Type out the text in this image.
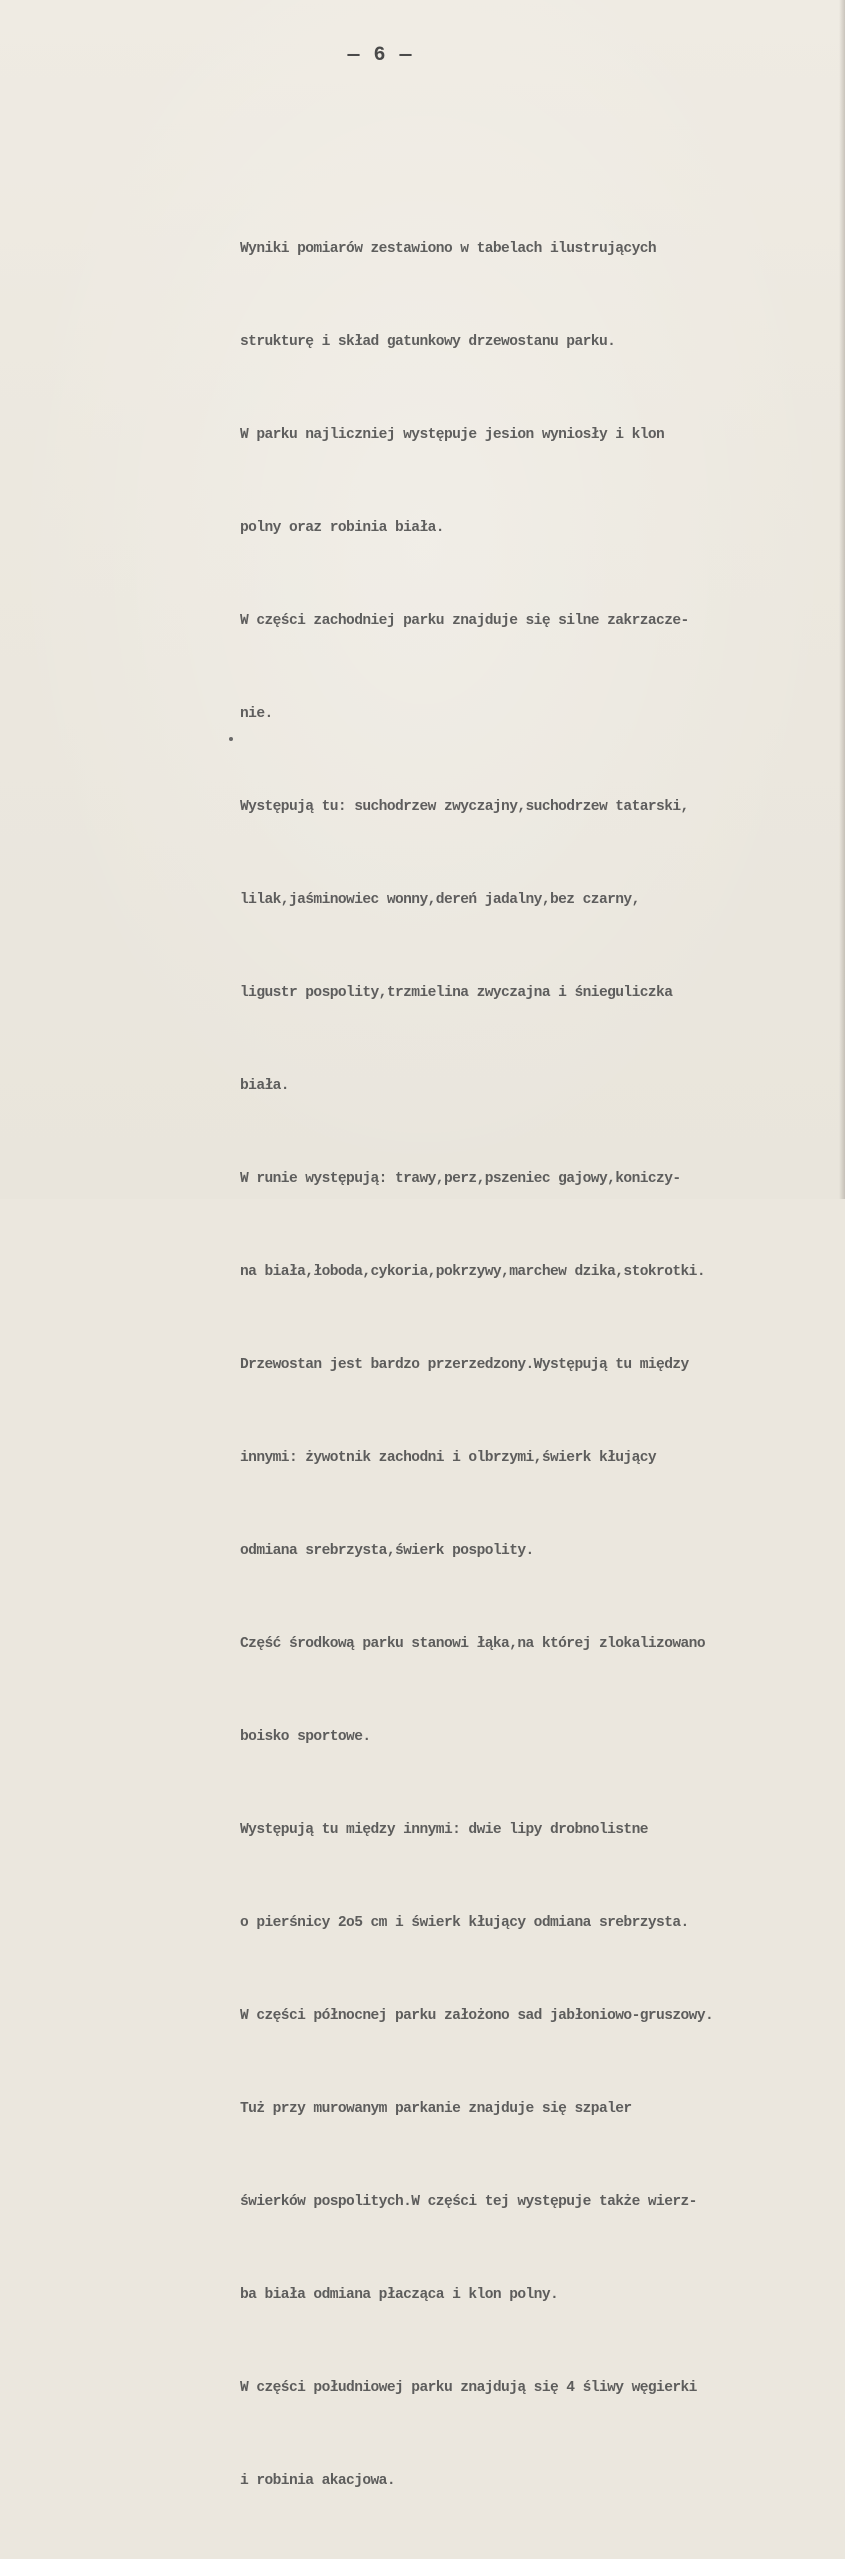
— 6 —

Wyniki pomiarów zestawiono w tabelach ilustrujących

strukturę i skład gatunkowy drzewostanu parku.

W parku najliczniej występuje jesion wyniosły i klon

polny oraz robinia biała.

W części zachodniej parku znajduje się silne zakrzacze-

nie.

Występują tu: suchodrzew zwyczajny,suchodrzew tatarski,

lilak,jaśminowiec wonny,dereń jadalny,bez czarny,

ligustr pospolity,trzmielina zwyczajna i śnieguliczka

biała.

W runie występują: trawy,perz,pszeniec gajowy,koniczy-

na biała,łoboda,cykoria,pokrzywy,marchew dzika,stokrotki.

Drzewostan jest bardzo przerzedzony.Występują tu między

innymi: żywotnik zachodni i olbrzymi,świerk kłujący

odmiana srebrzysta,świerk pospolity.

Część środkową parku stanowi łąka,na której zlokalizowano

boisko sportowe.

Występują tu między innymi: dwie lipy drobnolistne

o pierśnicy 2o5 cm i świerk kłujący odmiana srebrzysta.

W części północnej parku założono sad jabłoniowo-gruszowy.

Tuż przy murowanym parkanie znajduje się szpaler

świerków pospolitych.W części tej występuje także wierz-

ba biała odmiana płacząca i klon polny.

W części południowej parku znajdują się 4 śliwy węgierki

i robinia akacjowa.
